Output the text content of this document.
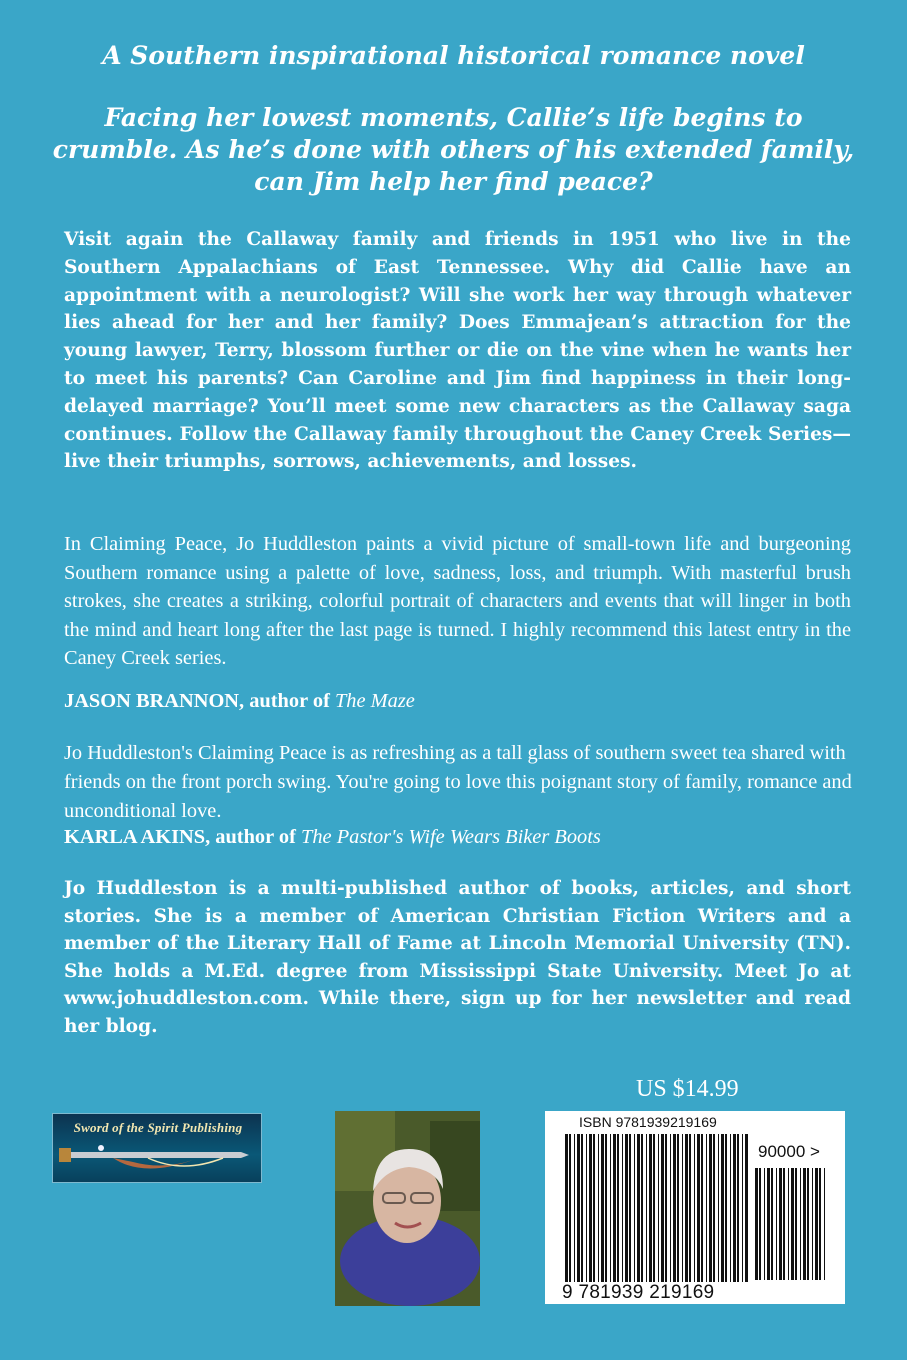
A Southern inspirational historical romance novel
Facing her lowest moments, Callie’s life begins to crumble. As he’s done with others of his extended family, can Jim help her find peace?
Visit again the Callaway family and friends in 1951 who live in the Southern Appalachians of East Tennessee. Why did Callie have an appointment with a neurologist? Will she work her way through whatever lies ahead for her and her family? Does Emmajean’s attraction for the young lawyer, Terry, blossom further or die on the vine when he wants her to meet his parents? Can Caroline and Jim find happiness in their long-delayed marriage? You’ll meet some new characters as the Callaway saga continues. Follow the Callaway family throughout the Caney Creek Series—live their triumphs, sorrows, achievements, and losses.
In Claiming Peace, Jo Huddleston paints a vivid picture of small-town life and burgeoning Southern romance using a palette of love, sadness, loss, and triumph. With masterful brush strokes, she creates a striking, colorful portrait of characters and events that will linger in both the mind and heart long after the last page is turned. I highly recommend this latest entry in the Caney Creek series.
JASON BRANNON, author of The Maze
Jo Huddleston's Claiming Peace is as refreshing as a tall glass of southern sweet tea shared with friends on the front porch swing. You're going to love this poignant story of family, romance and unconditional love.
KARLA AKINS, author of The Pastor's Wife Wears Biker Boots
Jo Huddleston is a multi-published author of books, articles, and short stories. She is a member of American Christian Fiction Writers and a member of the Literary Hall of Fame at Lincoln Memorial University (TN). She holds a M.Ed. degree from Mississippi State University. Meet Jo at www.johuddleston.com. While there, sign up for her newsletter and read her blog.
US $14.99
Sword of the Spirit Publishing	ISBN 9781939219169
90000 >
9 781939 219169
